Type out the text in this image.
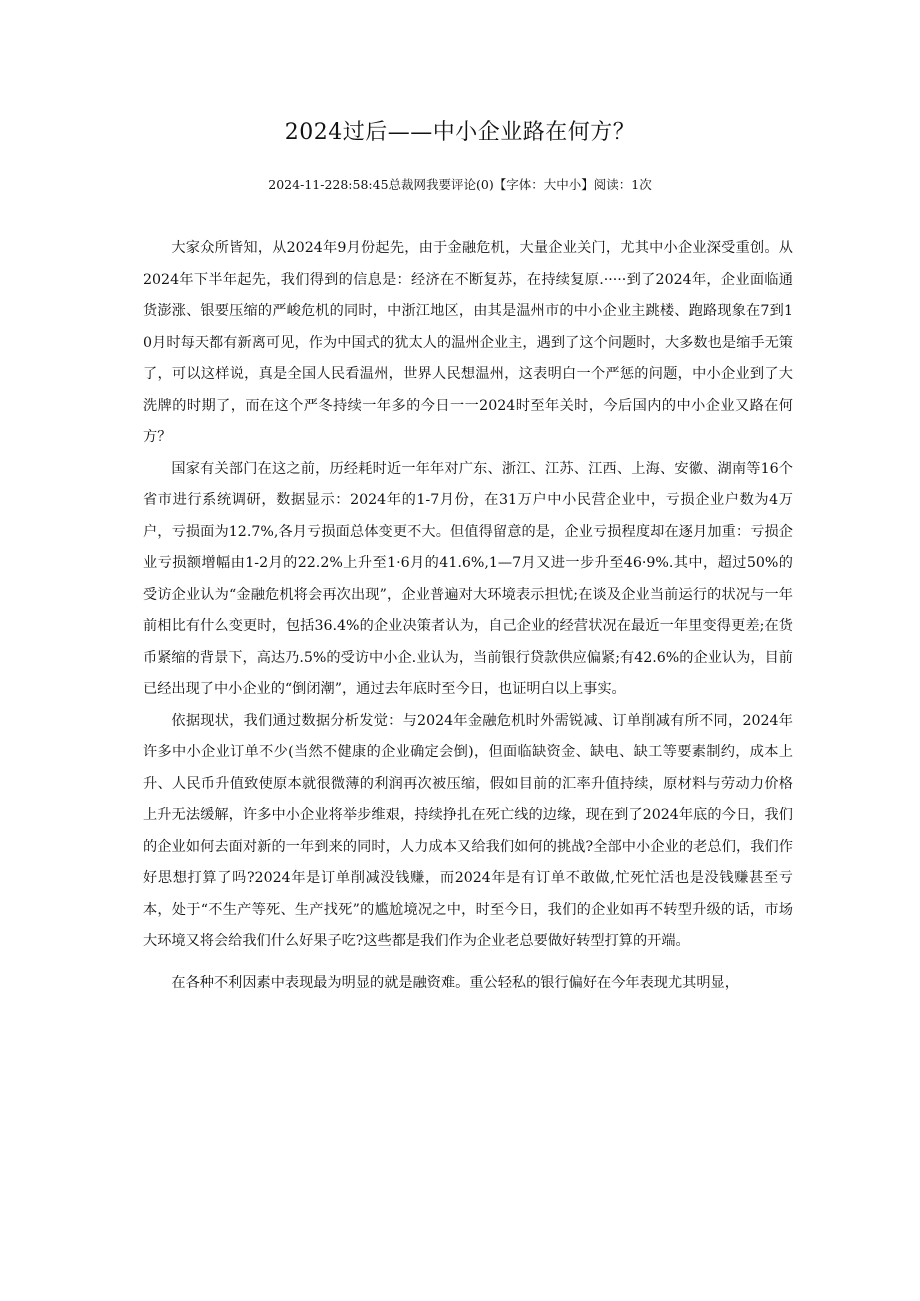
2024过后——中小企业路在何方？
2024-11-228:58:45总裁网我要评论(0)【字体：大中小】阅读：1次

大家众所皆知，从2024年9月份起先，由于金融危机，大量企业关门，尤其中小企业深受重创。从2024年下半年起先，我们得到的信息是：经济在不断复苏，在持续复原.·····到了2024年，企业面临通货澎涨、银要压缩的严峻危机的同时，中浙江地区，由其是温州市的中小企业主跳楼、跑路现象在7到10月时每天都有新离可见，作为中国式的犹太人的温州企业主，遇到了这个问题时，大多数也是缩手无策了，可以这样说，真是全国人民看温州，世界人民想温州，这表明白一个严惩的问题，中小企业到了大洗牌的时期了，而在这个严冬持续一年多的今日一一2024时至年关时，今后国内的中小企业又路在何方？

国家有关部门在这之前，历经耗时近一年年对广东、浙江、江苏、江西、上海、安徽、湖南等16个省市进行系统调研，数据显示：2024年的1-7月份，在31万户中小民营企业中，亏损企业户数为4万户，亏损面为12.7%,各月亏损面总体变更不大。但值得留意的是，企业亏损程度却在逐月加重：亏损企业亏损额增幅由1-2月的22.2%上升至1·6月的41.6%,1—7月又进一步升至46·9%.其中，超过50%的受访企业认为“金融危机将会再次出现”，企业普遍对大环境表示担忧;在谈及企业当前运行的状况与一年前相比有什么变更时，包括36.4%的企业决策者认为，自己企业的经营状况在最近一年里变得更差;在货币紧缩的背景下，高达乃.5%的受访中小企.业认为，当前银行贷款供应偏紧;有42.6%的企业认为，目前已经出现了中小企业的“倒闭潮”，通过去年底时至今日，也证明白以上事实。

依据现状，我们通过数据分析发觉：与2024年金融危机时外需锐减、订单削减有所不同，2024年许多中小企业订单不少(当然不健康的企业确定会倒)，但面临缺资金、缺电、缺工等要素制约，成本上升、人民币升值致使原本就很微薄的利润再次被压缩，假如目前的汇率升值持续，原材料与劳动力价格上升无法缓解，许多中小企业将举步维艰，持续挣扎在死亡线的边缘，现在到了2024年底的今日，我们的企业如何去面对新的一年到来的同时，人力成本又给我们如何的挑战?全部中小企业的老总们，我们作好思想打算了吗?2024年是订单削减没钱赚，而2024年是有订单不敢做,忙死忙活也是没钱赚甚至亏本，处于“不生产等死、生产找死”的尴尬境况之中，时至今日，我们的企业如再不转型升级的话，市场大环境又将会给我们什么好果子吃?这些都是我们作为企业老总要做好转型打算的开端。

在各种不利因素中表现最为明显的就是融资难。重公轻私的银行偏好在今年表现尤其明显，
